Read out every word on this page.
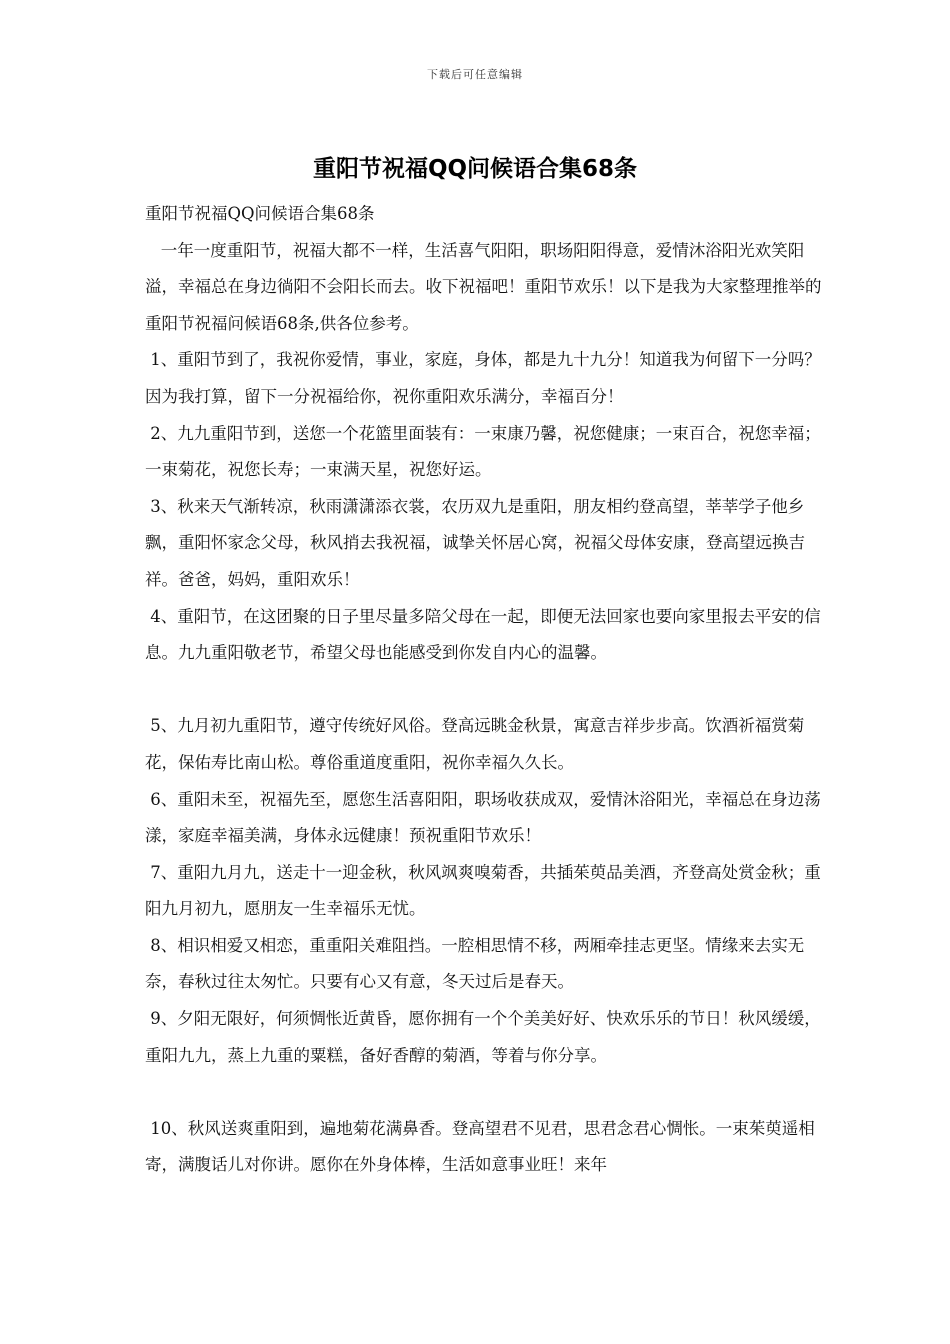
下载后可任意编辑
重阳节祝福QQ问候语合集68条

重阳节祝福QQ问候语合集68条

一年一度重阳节，祝福大都不一样，生活喜气阳阳，职场阳阳得意，爱情沐浴阳光欢笑阳溢，幸福总在身边徜阳不会阳长而去。收下祝福吧！重阳节欢乐！以下是我为大家整理推举的重阳节祝福问候语68条,供各位参考。

1、重阳节到了，我祝你爱情，事业，家庭，身体，都是九十九分！知道我为何留下一分吗？因为我打算，留下一分祝福给你，祝你重阳欢乐满分，幸福百分！

2、九九重阳节到，送您一个花篮里面装有：一束康乃馨，祝您健康；一束百合，祝您幸福；一束菊花，祝您长寿；一束满天星，祝您好运。

3、秋来天气渐转凉，秋雨潇潇添衣裳，农历双九是重阳，朋友相约登高望，莘莘学子他乡飘，重阳怀家念父母，秋风捎去我祝福，诚挚关怀居心窝，祝福父母体安康，登高望远换吉祥。爸爸，妈妈，重阳欢乐！

4、重阳节，在这团聚的日子里尽量多陪父母在一起，即便无法回家也要向家里报去平安的信息。九九重阳敬老节，希望父母也能感受到你发自内心的温馨。

5、九月初九重阳节，遵守传统好风俗。登高远眺金秋景，寓意吉祥步步高。饮酒祈福赏菊花，保佑寿比南山松。尊俗重道度重阳，祝你幸福久久长。

6、重阳未至，祝福先至，愿您生活喜阳阳，职场收获成双，爱情沐浴阳光，幸福总在身边荡漾，家庭幸福美满，身体永远健康！预祝重阳节欢乐！

7、重阳九月九，送走十一迎金秋，秋风飒爽嗅菊香，共插茱萸品美酒，齐登高处赏金秋；重阳九月初九，愿朋友一生幸福乐无忧。

8、相识相爱又相恋，重重阳关难阻挡。一腔相思情不移，两厢牵挂志更坚。情缘来去实无奈，春秋过往太匆忙。只要有心又有意，冬天过后是春天。

9、夕阳无限好，何须惆怅近黄昏，愿你拥有一个个美美好好、快欢乐乐的节日！秋风缓缓，重阳九九，蒸上九重的粟糕，备好香醇的菊酒，等着与你分享。

10、秋风送爽重阳到，遍地菊花满鼻香。登高望君不见君，思君念君心惆怅。一束茱萸遥相寄，满腹话儿对你讲。愿你在外身体棒，生活如意事业旺！来年
